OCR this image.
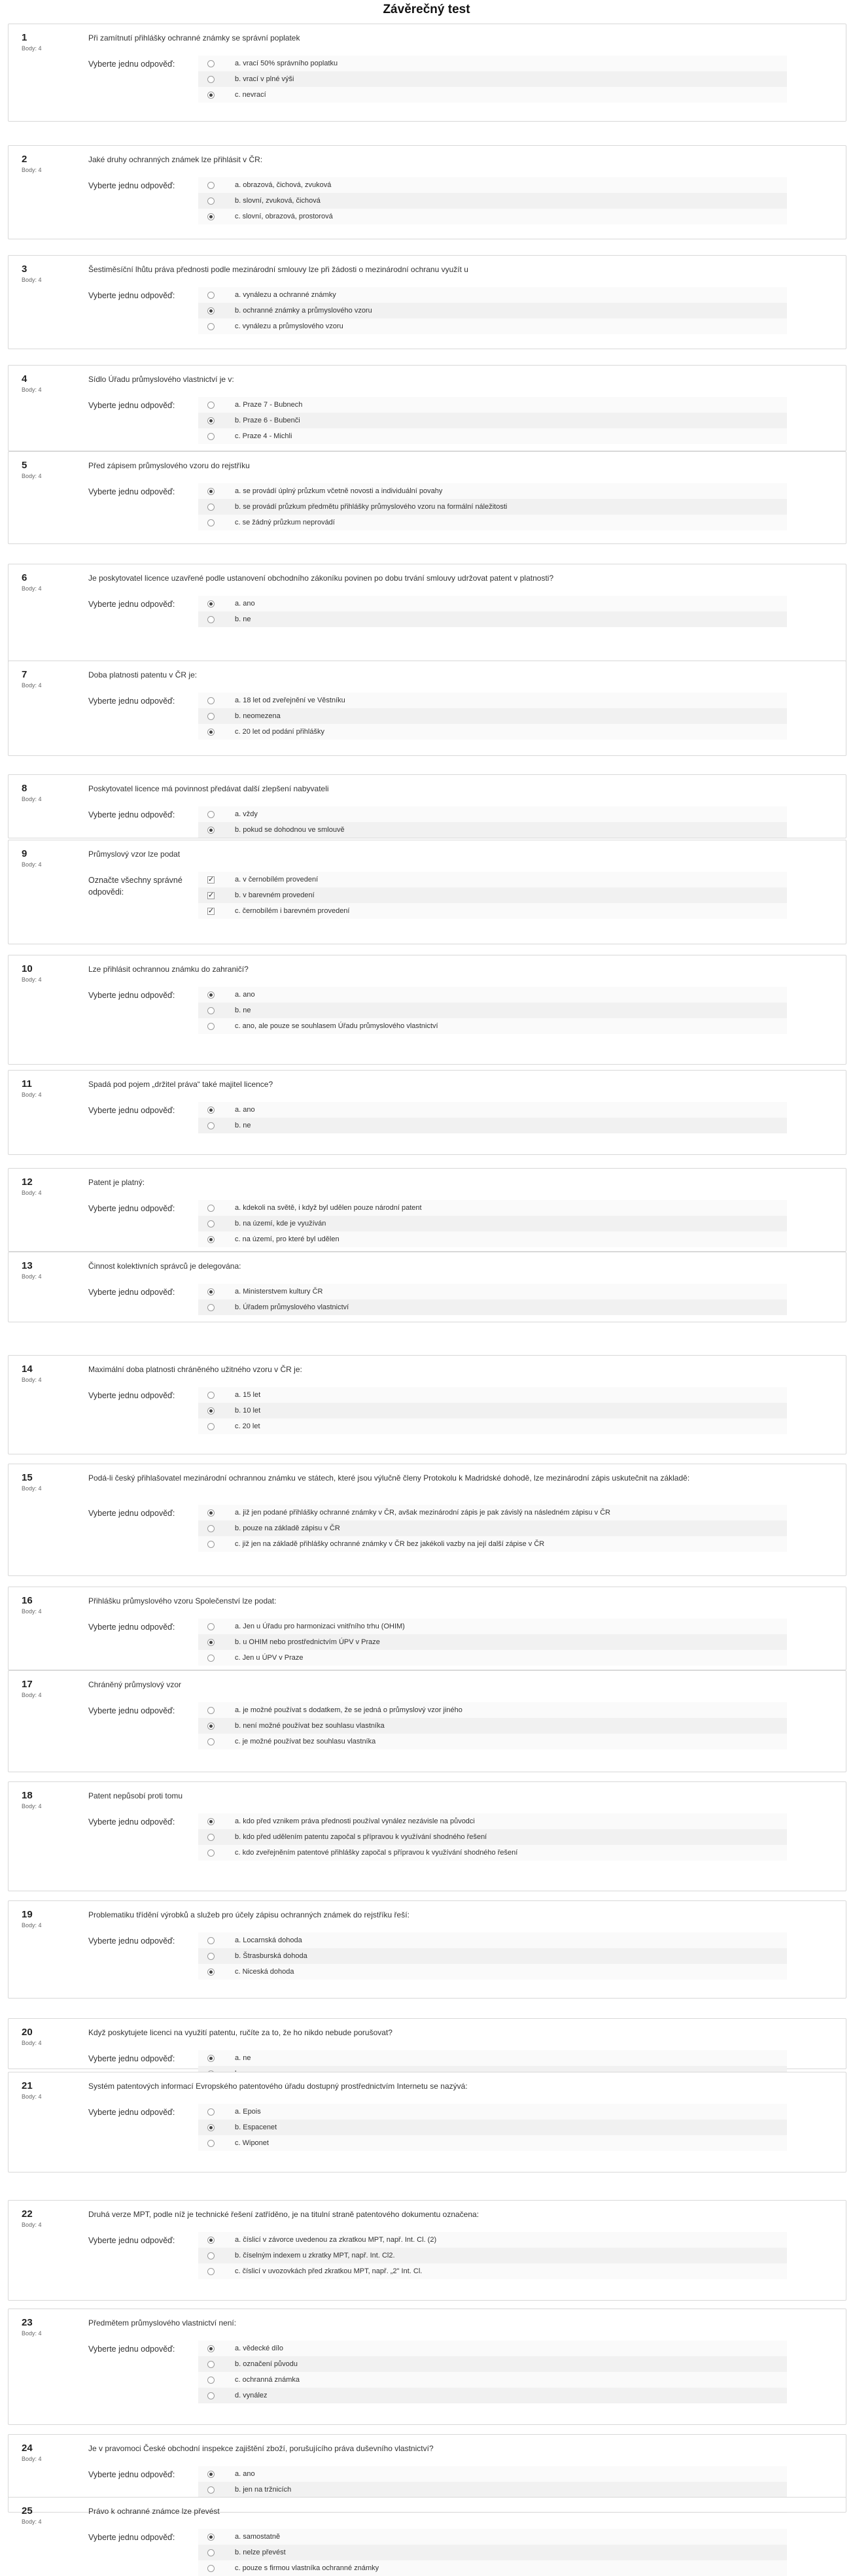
Závěrečný test
1
Body: 4
Při zamítnutí přihlášky ochranné známky se správní poplatek
Vyberte jednu odpověď:	a. vrací 50% správního poplatku
b. vrací v plné výši
c. nevrací
2
Body: 4
Jaké druhy ochranných známek lze přihlásit v ČR:
Vyberte jednu odpověď:	a. obrazová, čichová, zvuková
b. slovní, zvuková, čichová
c. slovní, obrazová, prostorová
3
Body: 4
Šestiměsíční lhůtu práva přednosti podle mezinárodní smlouvy lze při žádosti o mezinárodní ochranu využít u
Vyberte jednu odpověď:	a. vynálezu a ochranné známky
b. ochranné známky a průmyslového vzoru
c. vynálezu a průmyslového vzoru
4
Body: 4
Sídlo Úřadu průmyslového vlastnictví je v:
Vyberte jednu odpověď:	a. Praze 7 - Bubnech
b. Praze 6 - Bubenči
c. Praze 4 - Michli
5
Body: 4
Před zápisem průmyslového vzoru do rejstříku
Vyberte jednu odpověď:	a. se provádí úplný průzkum včetně novosti a individuální povahy
b. se provádí průzkum předmětu přihlášky průmyslového vzoru na formální náležitosti
c. se žádný průzkum neprovádí
6
Body: 4
Je poskytovatel licence uzavřené podle ustanovení obchodního zákoníku povinen po dobu trvání smlouvy udržovat patent v platnosti?
Vyberte jednu odpověď:	a. ano
b. ne
7
Body: 4
Doba platnosti patentu v ČR je:
Vyberte jednu odpověď:	a. 18 let od zveřejnění ve Věstníku
b. neomezena
c. 20 let od podání přihlášky
8
Body: 4
Poskytovatel licence má povinnost předávat další zlepšení nabyvateli
Vyberte jednu odpověď:	a. vždy
b. pokud se dohodnou ve smlouvě
9
Body: 4
Průmyslový vzor lze podat
Označte všechny správné odpovědi:
✓
a. v černobílém provedení
✓
b. v barevném provedení
✓
c. černobílém i barevném provedení
10
Body: 4
Lze přihlásit ochrannou známku do zahraničí?
Vyberte jednu odpověď:	a. ano
b. ne
c. ano, ale pouze se souhlasem Úřadu průmyslového vlastnictví
11
Body: 4
Spadá pod pojem „držitel práva“ také majitel licence?
Vyberte jednu odpověď:	a. ano
b. ne
12
Body: 4
Patent je platný:
Vyberte jednu odpověď:	a. kdekoli na světě, i když byl udělen pouze národní patent
b. na území, kde je využíván
c. na území, pro které byl udělen
13
Body: 4
Činnost kolektivních správců je delegována:
Vyberte jednu odpověď:	a. Ministerstvem kultury ČR
b. Úřadem průmyslového vlastnictví
14
Body: 4
Maximální doba platnosti chráněného užitného vzoru v ČR je:
Vyberte jednu odpověď:	a. 15 let
b. 10 let
c. 20 let
15
Body: 4
Podá-li český přihlašovatel mezinárodní ochrannou známku ve státech, které jsou výlučně členy Protokolu k Madridské dohodě, lze mezinárodní zápis uskutečnit na základě:
Vyberte jednu odpověď:	a. již jen podané přihlášky ochranné známky v ČR, avšak mezinárodní zápis je pak závislý na následném zápisu v ČR
b. pouze na základě zápisu v ČR
c. již jen na základě přihlášky ochranné známky v ČR bez jakékoli vazby na její další zápise v ČR
16
Body: 4
Přihlášku průmyslového vzoru Společenství lze podat:
Vyberte jednu odpověď:	a. Jen u Úřadu pro harmonizaci vnitřního trhu (OHIM)
b. u OHIM nebo prostřednictvím ÚPV v Praze
c. Jen u ÚPV v Praze
17
Body: 4
Chráněný průmyslový vzor
Vyberte jednu odpověď:	a. je možné používat s dodatkem, že se jedná o průmyslový vzor jiného
b. není možné používat bez souhlasu vlastníka
c. je možné používat bez souhlasu vlastníka
18
Body: 4
Patent nepůsobí proti tomu
Vyberte jednu odpověď:	a. kdo před vznikem práva přednosti používal vynález nezávisle na původci
b. kdo před udělením patentu započal s přípravou k využívání shodného řešení
c. kdo zveřejněním patentové přihlášky započal s přípravou k využívání shodného řešení
19
Body: 4
Problematiku třídění výrobků a služeb pro účely zápisu ochranných známek do rejstříku řeší:
Vyberte jednu odpověď:	a. Locarnská dohoda
b. Štrasburská dohoda
c. Niceská dohoda
20
Body: 4
Když poskytujete licenci na využití patentu, ručíte za to, že ho nikdo nebude porušovat?
Vyberte jednu odpověď:	a. ne
21
Body: 4
Systém patentových informací Evropského patentového úřadu dostupný prostřednictvím Internetu se nazývá:
Vyberte jednu odpověď:	a. Epois
b. Espacenet
c. Wiponet
22
Body: 4
Druhá verze MPT, podle níž je technické řešení zatříděno, je na titulní straně patentového dokumentu označena:
Vyberte jednu odpověď:	a. číslicí v závorce uvedenou za zkratkou MPT, např. Int. Cl. (2)
b. číselným indexem u zkratky MPT, např. Int. Cl2.
c. číslicí v uvozovkách před zkratkou MPT, např. „2" Int. Cl.
23
Body: 4
Předmětem průmyslového vlastnictví není:
Vyberte jednu odpověď:	a. vědecké dílo
b. označení původu
c. ochranná známka
d. vynález
24
Body: 4
Je v pravomoci České obchodní inspekce zajištění zboží, porušujícího práva duševního vlastnictví?
Vyberte jednu odpověď:	a. ano
b. jen na tržnicích
25
Body: 4
Právo k ochranné známce lze převést
Vyberte jednu odpověď:	a. samostatně
b. nelze převést
c. pouze s firmou vlastníka ochranné známky
